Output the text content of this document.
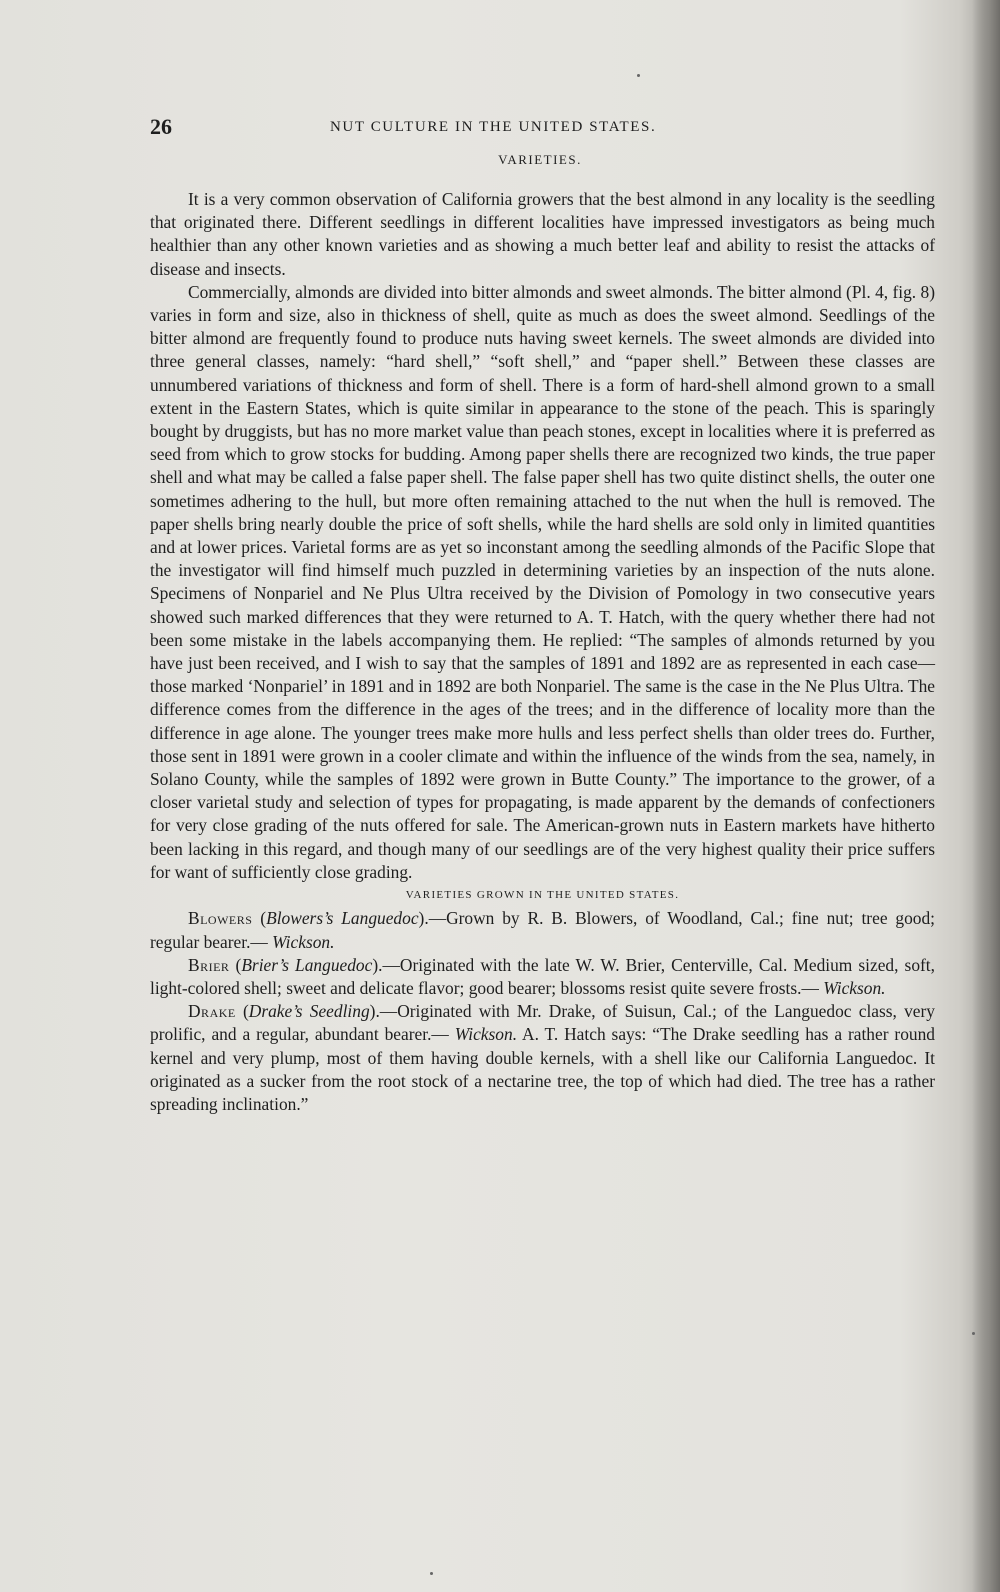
26	NUT CULTURE IN THE UNITED STATES.
VARIETIES.

It is a very common observation of California growers that the best almond in any locality is the seedling that originated there. Different seedlings in different localities have impressed investigators as being much healthier than any other known varieties and as showing a much better leaf and ability to resist the attacks of disease and insects.

Commercially, almonds are divided into bitter almonds and sweet almonds. The bitter almond (Pl. 4, fig. 8) varies in form and size, also in thickness of shell, quite as much as does the sweet almond. Seedlings of the bitter almond are frequently found to produce nuts having sweet kernels. The sweet almonds are divided into three general classes, namely: “hard shell,” “soft shell,” and “paper shell.” Between these classes are unnumbered variations of thickness and form of shell. There is a form of hard-shell almond grown to a small extent in the Eastern States, which is quite similar in appearance to the stone of the peach. This is sparingly bought by druggists, but has no more market value than peach stones, except in localities where it is preferred as seed from which to grow stocks for budding. Among paper shells there are recognized two kinds, the true paper shell and what may be called a false paper shell. The false paper shell has two quite distinct shells, the outer one sometimes adhering to the hull, but more often remaining attached to the nut when the hull is removed. The paper shells bring nearly double the price of soft shells, while the hard shells are sold only in limited quantities and at lower prices. Varietal forms are as yet so inconstant among the seedling almonds of the Pacific Slope that the investigator will find himself much puzzled in determining varieties by an inspection of the nuts alone. Specimens of Nonpariel and Ne Plus Ultra received by the Division of Pomology in two consecutive years showed such marked differences that they were returned to A. T. Hatch, with the query whether there had not been some mistake in the labels accompanying them. He replied: “The samples of almonds returned by you have just been received, and I wish to say that the samples of 1891 and 1892 are as represented in each case—those marked ‘Nonpariel’ in 1891 and in 1892 are both Nonpariel. The same is the case in the Ne Plus Ultra. The difference comes from the difference in the ages of the trees; and in the difference of locality more than the difference in age alone. The younger trees make more hulls and less perfect shells than older trees do. Further, those sent in 1891 were grown in a cooler climate and within the influence of the winds from the sea, namely, in Solano County, while the samples of 1892 were grown in Butte County.” The importance to the grower, of a closer varietal study and selection of types for propagating, is made apparent by the demands of confectioners for very close grading of the nuts offered for sale. The American-grown nuts in Eastern markets have hitherto been lacking in this regard, and though many of our seedlings are of the very highest quality their price suffers for want of sufficiently close grading.

VARIETIES GROWN IN THE UNITED STATES.

Blowers (Blowers’s Languedoc).—Grown by R. B. Blowers, of Woodland, Cal.; fine nut; tree good; regular bearer.— Wickson.

Brier (Brier’s Languedoc).—Originated with the late W. W. Brier, Centerville, Cal. Medium sized, soft, light-colored shell; sweet and delicate flavor; good bearer; blossoms resist quite severe frosts.— Wickson.

Drake (Drake’s Seedling).—Originated with Mr. Drake, of Suisun, Cal.; of the Languedoc class, very prolific, and a regular, abundant bearer.— Wickson. A. T. Hatch says: “The Drake seedling has a rather round kernel and very plump, most of them having double kernels, with a shell like our California Languedoc. It originated as a sucker from the root stock of a nectarine tree, the top of which had died. The tree has a rather spreading inclination.”
